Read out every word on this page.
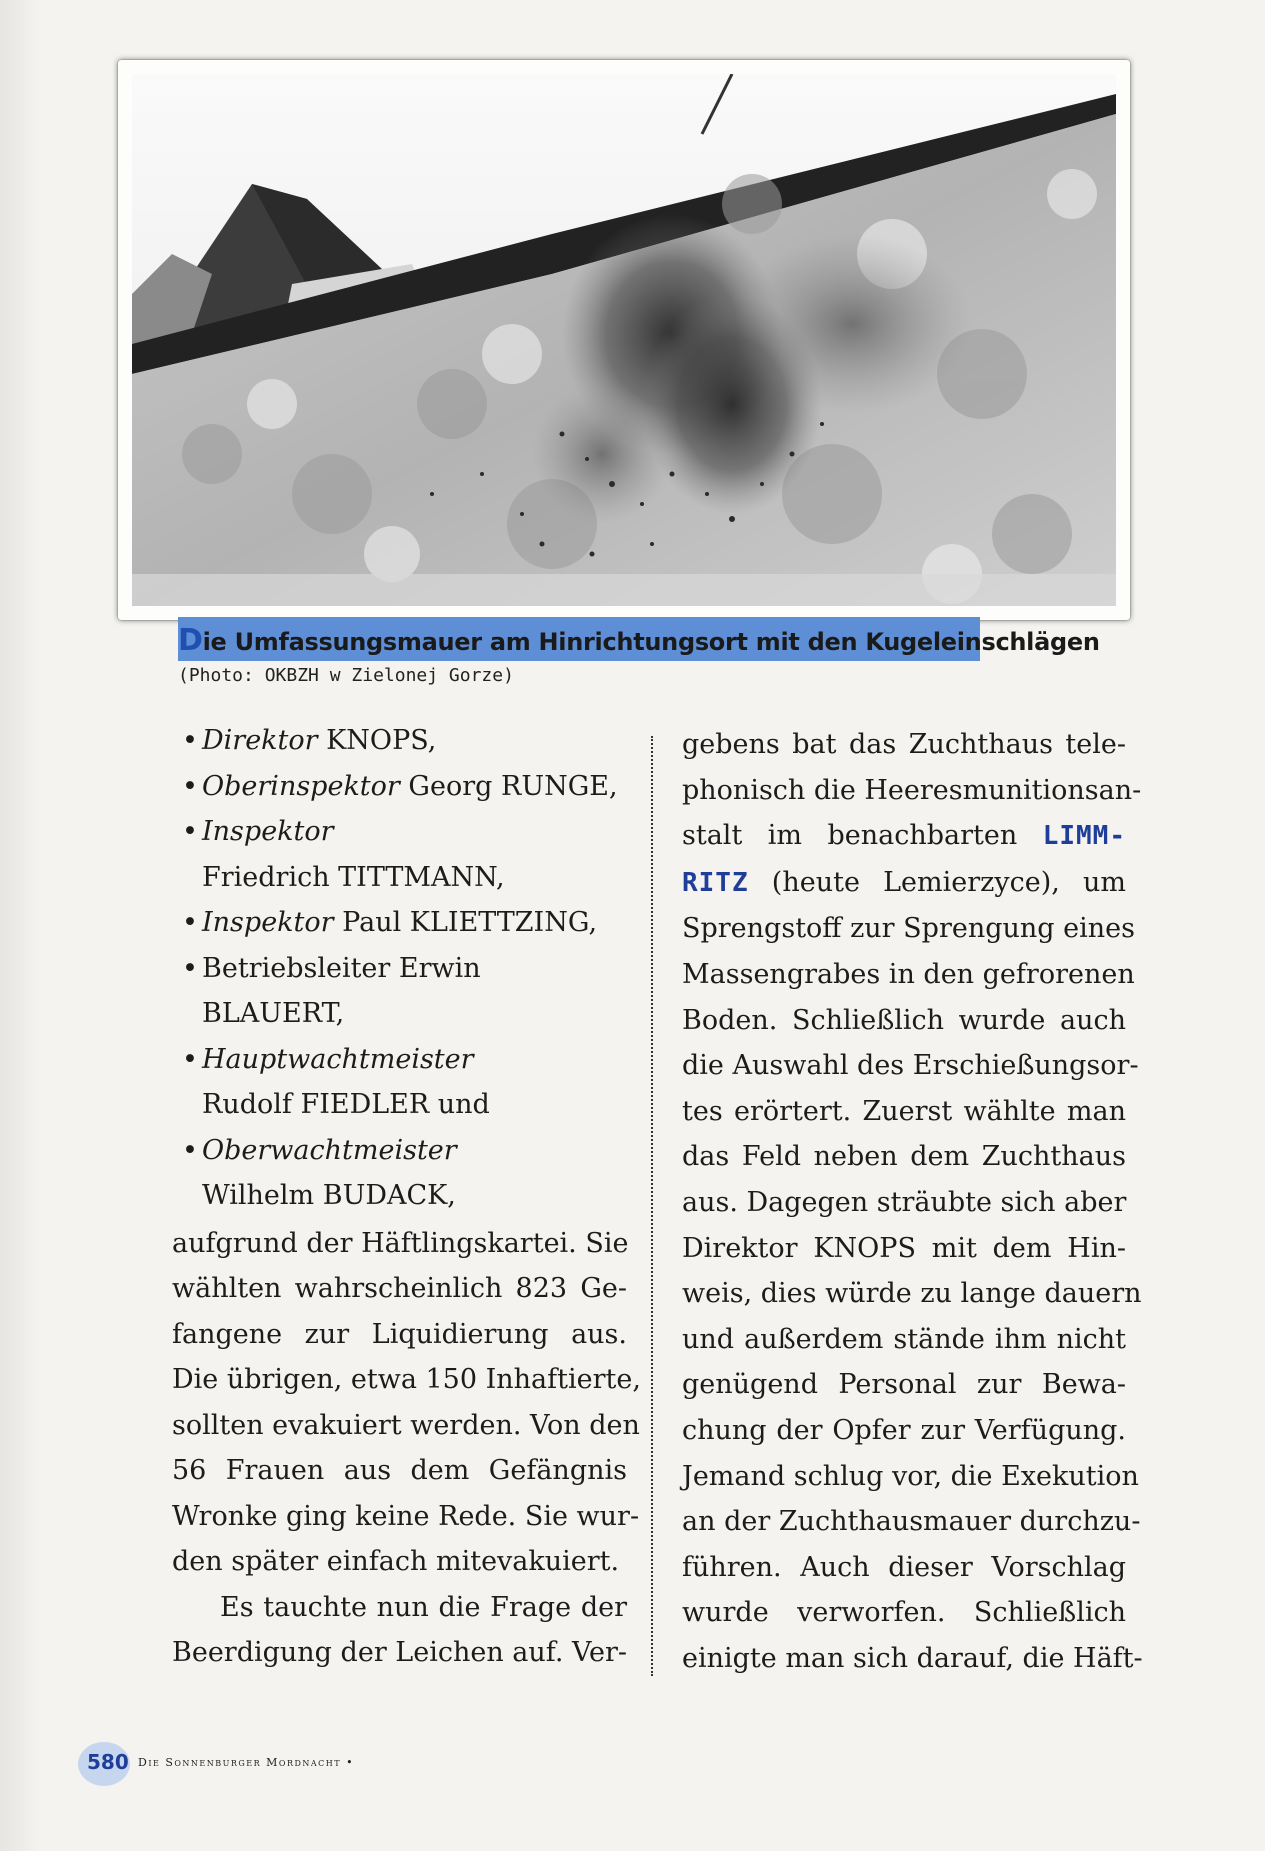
Die Umfassungsmauer am Hinrichtungsort mit den Kugeleinschlägen
(Photo: OKBZH w Zielonej Gorze)
• Direktor KNOPS,
• Oberinspektor Georg RUNGE,
• Inspektor
Friedrich TITTMANN,
• Inspektor Paul KLIETTZING,
• Betriebsleiter Erwin BLAUERT,
• Hauptwachtmeister
Rudolf FIEDLER und
• Oberwachtmeister
Wilhelm BUDACK,
aufgrund der Häftlingskartei. Sie
wählten wahrscheinlich 823 Ge-
fangene zur Liquidierung aus.
Die übrigen, etwa 150 Inhaftierte,
sollten evakuiert werden. Von den
56 Frauen aus dem Gefängnis
Wronke ging keine Rede. Sie wur-
den später einfach mitevakuiert.
Es tauchte nun die Frage der
Beerdigung der Leichen auf. Ver-
gebens bat das Zuchthaus tele-
phonisch die Heeresmunitionsan-
stalt im benachbarten LIMM-
RITZ (heute Lemierzyce), um
Sprengstoff zur Sprengung eines
Massengrabes in den gefrorenen
Boden. Schließlich wurde auch
die Auswahl des Erschießungsor-
tes erörtert. Zuerst wählte man
das Feld neben dem Zuchthaus
aus. Dagegen sträubte sich aber
Direktor KNOPS mit dem Hin-
weis, dies würde zu lange dauern
und außerdem stände ihm nicht
genügend Personal zur Bewa-
chung der Opfer zur Verfügung.
Jemand schlug vor, die Exekution
an der Zuchthausmauer durchzu-
führen. Auch dieser Vorschlag
wurde verworfen. Schließlich
einigte man sich darauf, die Häft-
580 Die Sonnenburger Mordnacht •
